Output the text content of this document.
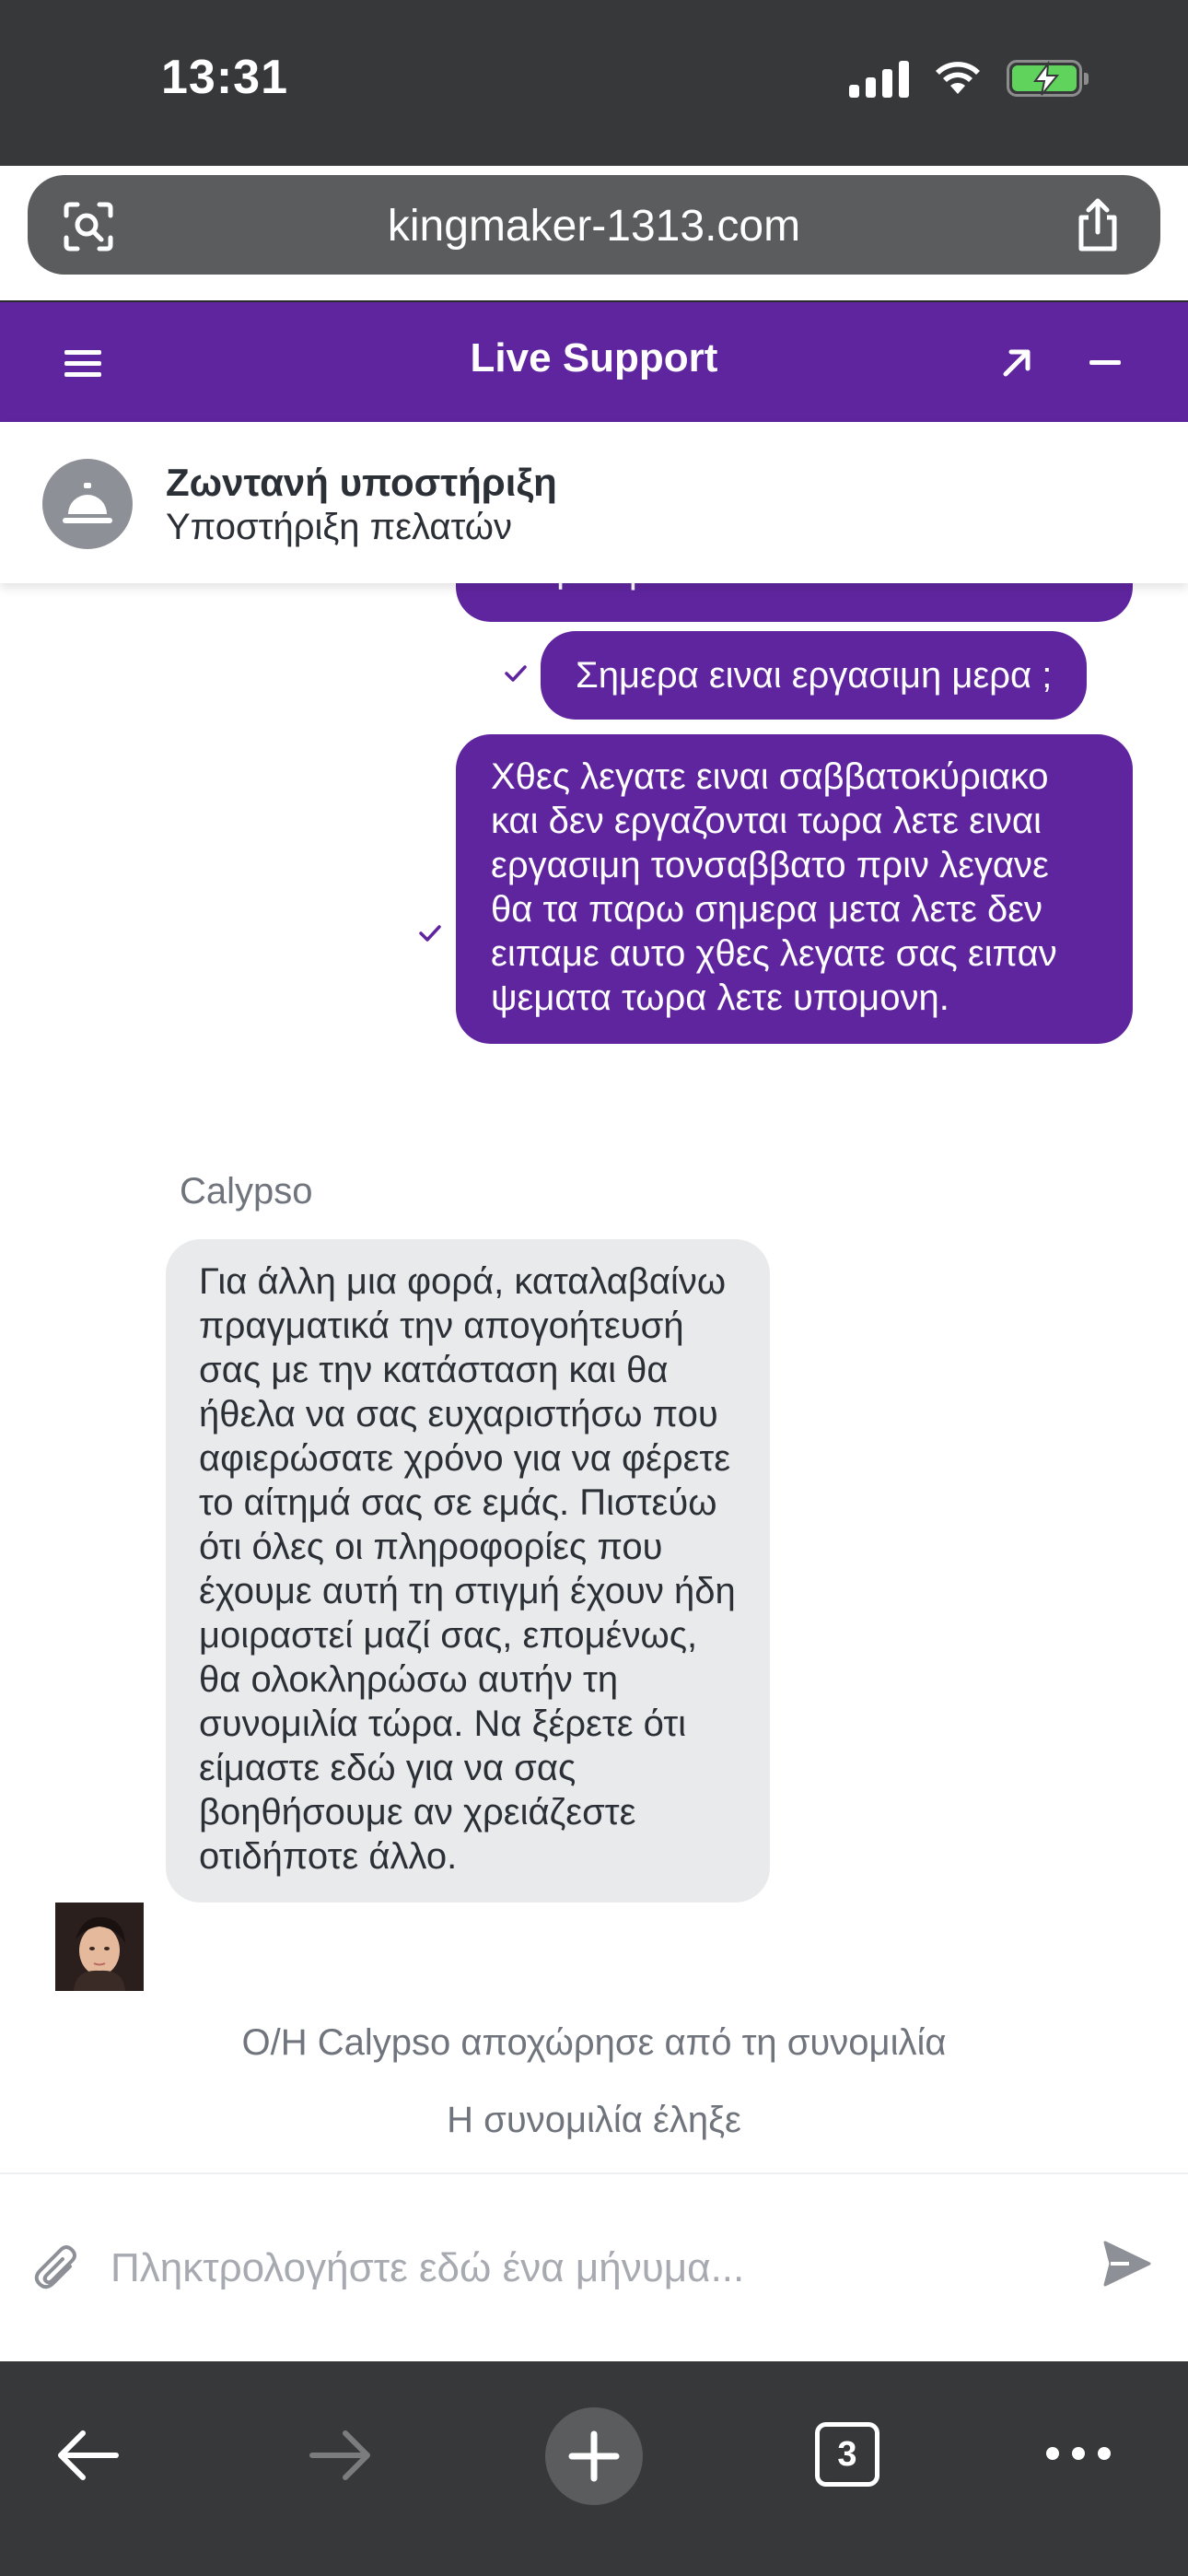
13:31
kingmaker-1313.com
Live Support
Ζωντανή υποστήριξη
Υποστήριξη πελατών
Σημερα ειναι εργασιμη μερα ;
Χθες λεγατε ειναι σαββατοκύριακο και δεν εργαζονται τωρα λετε ειναι εργασιμη τονσαββατο πριν λεγανε θα τα παρω σημερα μετα λετε δεν ειπαμε αυτο χθες λεγατε σας ειπαν ψεματα τωρα λετε υπομονη.
Calypso
Για άλλη μια φορά, καταλαβαίνω πραγματικά την απογοήτευσή σας με την κατάσταση και θα ήθελα να σας ευχαριστήσω που αφιερώσατε χρόνο για να φέρετε το αίτημά σας σε εμάς. Πιστεύω ότι όλες οι πληροφορίες που έχουμε αυτή τη στιγμή έχουν ήδη μοιραστεί μαζί σας, επομένως, θα ολοκληρώσω αυτήν τη συνομιλία τώρα. Να ξέρετε ότι είμαστε εδώ για να σας βοηθήσουμε αν χρειάζεστε οτιδήποτε άλλο.
Ο/Η Calypso αποχώρησε από τη συνομιλία
Η συνομιλία έληξε
Πληκτρολογήστε εδώ ένα μήνυμα...
3
